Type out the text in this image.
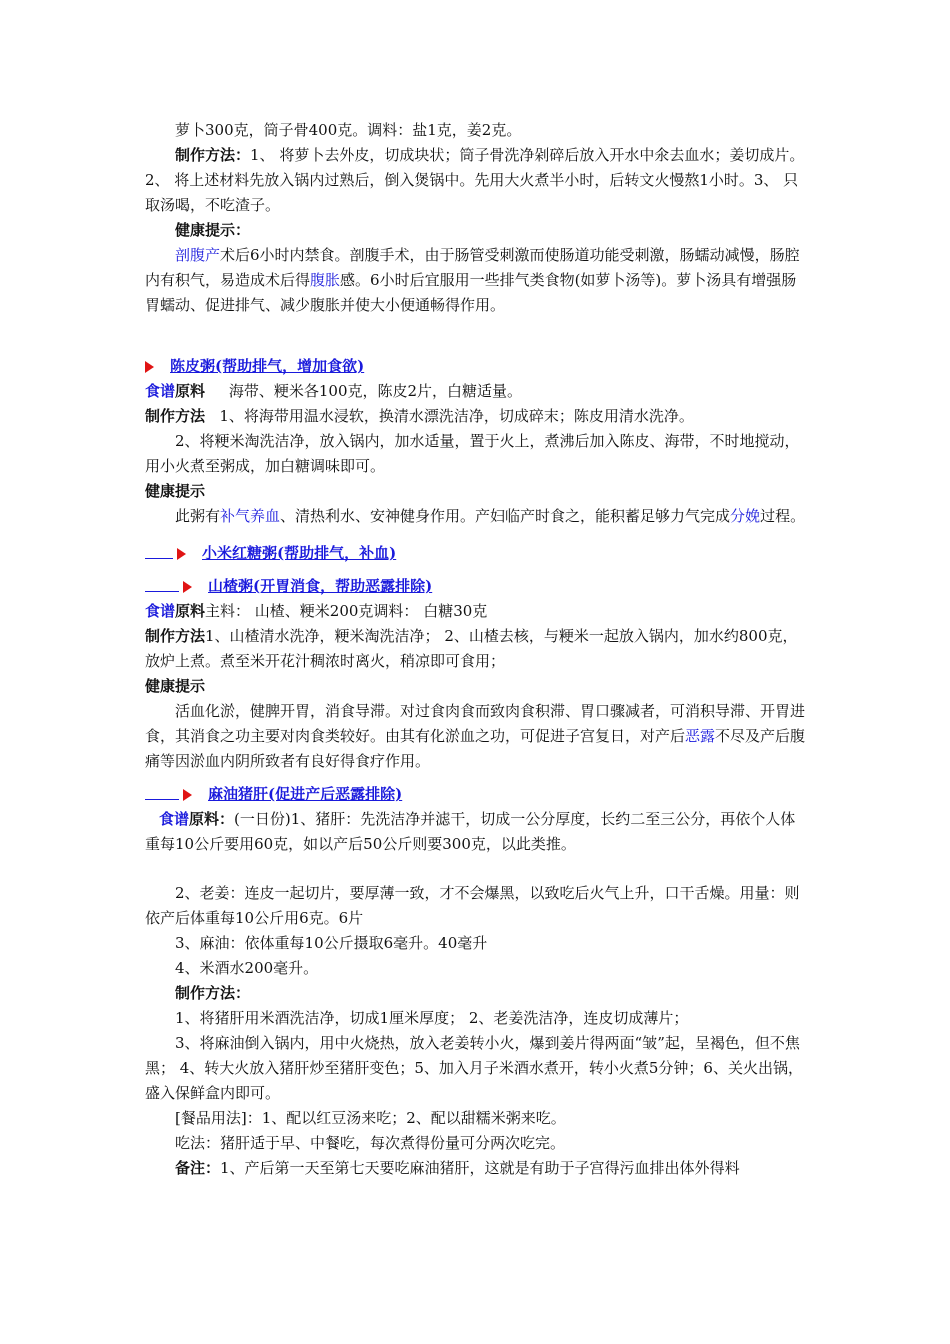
萝卜300克，筒子骨400克。调料：盐1克，姜2克。

制作方法：1、 将萝卜去外皮，切成块状；筒子骨洗净剁碎后放入开水中氽去血水；姜切成片。2、 将上述材料先放入锅内过熟后，倒入煲锅中。先用大火煮半小时，后转文火慢熬1小时。3、 只取汤喝，不吃渣子。

健康提示：

剖腹产术后6小时内禁食。剖腹手术，由于肠管受刺激而使肠道功能受刺激，肠蠕动减慢，肠腔内有积气，易造成术后得腹胀感。6小时后宜服用一些排气类食物(如萝卜汤等)。萝卜汤具有增强肠胃蠕动、促进排气、减少腹胀并使大小便通畅得作用。

陈皮粥(帮助排气，增加食欲)

食谱原料 海带、粳米各100克，陈皮2片，白糖适量。

制作方法 1、将海带用温水浸软，换清水漂洗洁净，切成碎末；陈皮用清水洗净。

2、将粳米淘洗洁净，放入锅内，加水适量，置于火上，煮沸后加入陈皮、海带，不时地搅动，用小火煮至粥成，加白糖调味即可。

健康提示

此粥有补气养血、清热利水、安神健身作用。产妇临产时食之，能积蓄足够力气完成分娩过程。

小米红糖粥(帮助排气，补血)
山楂粥(开胃消食，帮助恶露排除)

食谱原料主料： 山楂、粳米200克调料： 白糖30克

制作方法1、山楂清水洗净，粳米淘洗洁净； 2、山楂去核，与粳米一起放入锅内，加水约800克，放炉上煮。煮至米开花汁稠浓时离火，稍凉即可食用；

健康提示

活血化淤，健脾开胃，消食导滞。对过食肉食而致肉食积滞、胃口骤减者，可消积导滞、开胃进食，其消食之功主要对肉食类较好。由其有化淤血之功，可促进子宫复日，对产后恶露不尽及产后腹痛等因淤血内阴所致者有良好得食疗作用。

麻油猪肝(促进产后恶露排除)

食谱原料：(一日份)1、猪肝：先洗洁净并滤干，切成一公分厚度，长约二至三公分，再依个人体重每10公斤要用60克，如以产后50公斤则要300克，以此类推。

2、老姜：连皮一起切片，要厚薄一致，才不会爆黑，以致吃后火气上升，口干舌燥。用量：则依产后体重每10公斤用6克。6片

3、麻油：依体重每10公斤摄取6毫升。40毫升

4、米酒水200毫升。

制作方法：

1、将猪肝用米酒洗洁净，切成1厘米厚度； 2、老姜洗洁净，连皮切成薄片；

3、将麻油倒入锅内，用中火烧热，放入老姜转小火，爆到姜片得两面“皱”起，呈褐色，但不焦黑； 4、转大火放入猪肝炒至猪肝变色；5、加入月子米酒水煮开，转小火煮5分钟；6、关火出锅，盛入保鲜盒内即可。

[餐品用法]：1、配以红豆汤来吃；2、配以甜糯米粥来吃。

吃法：猪肝适于早、中餐吃，每次煮得份量可分两次吃完。

备注：1、产后第一天至第七天要吃麻油猪肝，这就是有助于子宫得污血排出体外得料
